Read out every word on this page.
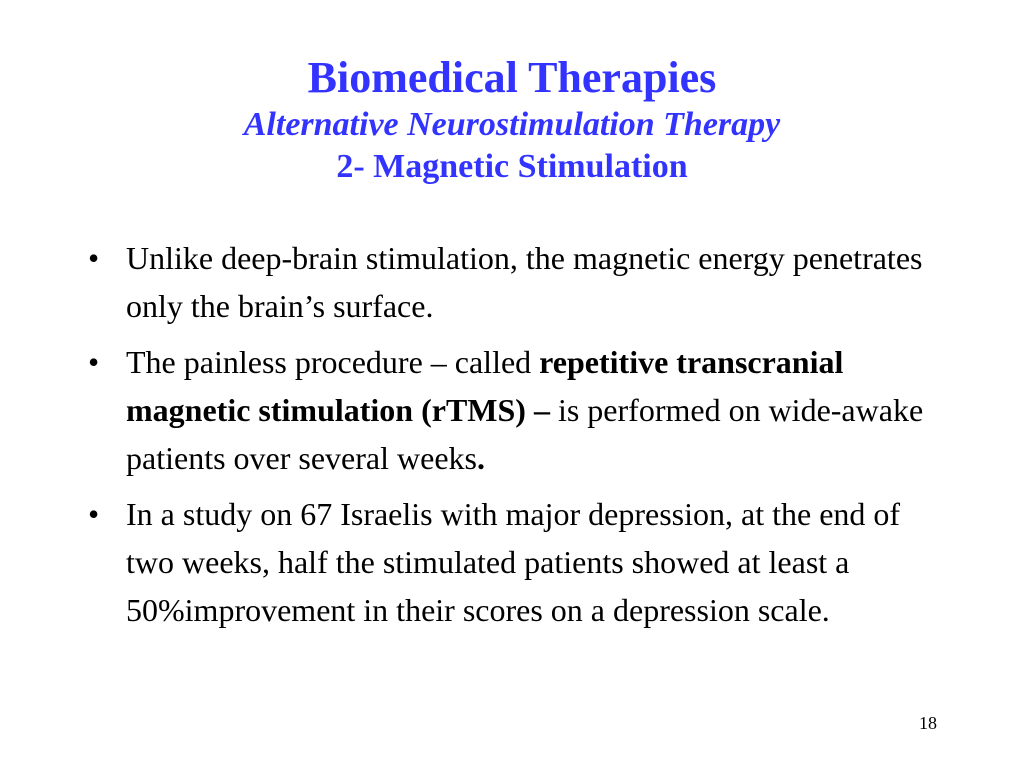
Biomedical Therapies
Alternative Neurostimulation Therapy
2- Magnetic Stimulation
• Unlike deep-brain stimulation, the magnetic energy penetrates only the brain’s surface.
• The painless procedure – called repetitive transcranial magnetic stimulation (rTMS) – is performed on wide-awake patients over several weeks.
• In a study on 67 Israelis with major depression, at the end of two weeks, half the stimulated patients showed at least a 50%improvement in their scores on a depression scale.
18
